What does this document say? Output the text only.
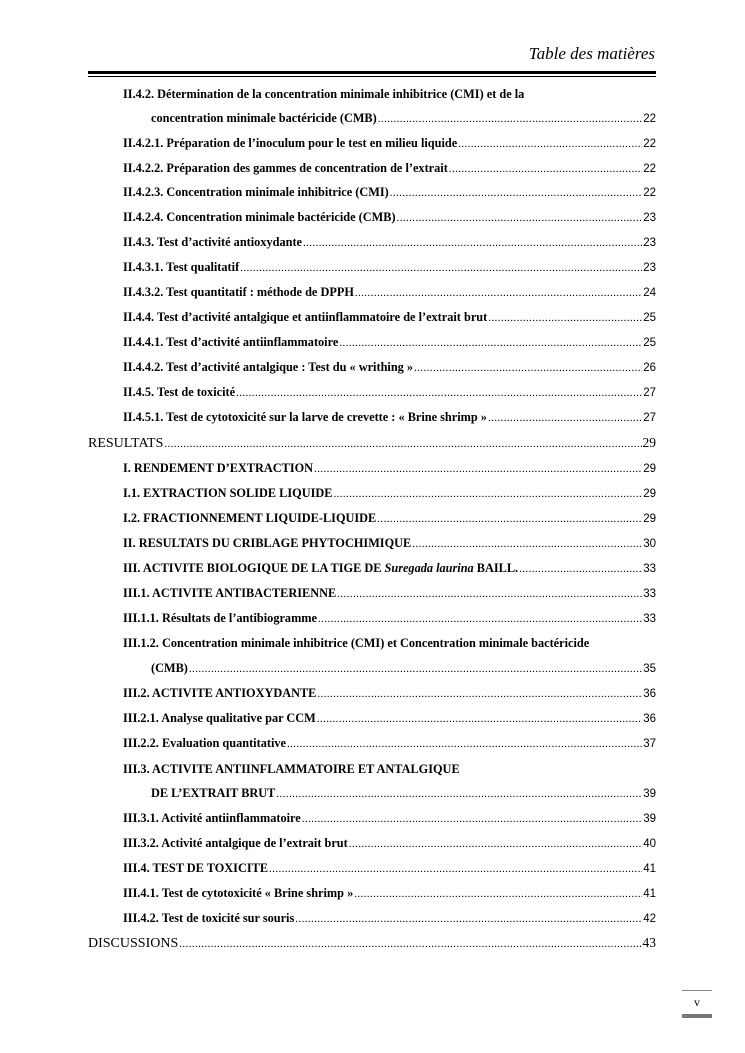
Table des matières
II.4.2. Détermination de la concentration minimale inhibitrice (CMI) et de la
concentration minimale bactéricide (CMB) .....	22
II.4.2.1. Préparation de l’inoculum pour le test en milieu liquide .....	22
II.4.2.2. Préparation des gammes de concentration de l’extrait .....	22
II.4.2.3. Concentration minimale inhibitrice (CMI) .....	22
II.4.2.4. Concentration minimale bactéricide (CMB) .....	23
II.4.3. Test d’activité antioxydante .....	23
II.4.3.1. Test qualitatif .....	23
II.4.3.2. Test quantitatif : méthode de DPPH .....	24
II.4.4. Test d’activité antalgique et antiinflammatoire de l’extrait brut .....	25
II.4.4.1. Test d’activité antiinflammatoire .....	25
II.4.4.2. Test d’activité antalgique : Test du « writhing » .....	26
II.4.5. Test de toxicité .....	27
II.4.5.1. Test de cytotoxicité sur la larve de crevette : « Brine shrimp » .....	27
RESULTATS .....	29
I. RENDEMENT D’EXTRACTION .....	29
I.1. EXTRACTION SOLIDE LIQUIDE .....	29
I.2. FRACTIONNEMENT LIQUIDE-LIQUIDE .....	29
II. RESULTATS DU CRIBLAGE PHYTOCHIMIQUE .....	30
III. ACTIVITE BIOLOGIQUE DE LA TIGE DE Suregada laurina BAILL. .....	33
III.1. ACTIVITE ANTIBACTERIENNE .....	33
III.1.1. Résultats de l’antibiogramme .....	33
III.1.2. Concentration minimale inhibitrice (CMI) et Concentration minimale bactéricide
(CMB) .....	35
III.2. ACTIVITE ANTIOXYDANTE .....	36
III.2.1. Analyse qualitative par CCM .....	36
III.2.2. Evaluation quantitative .....	37
III.3. ACTIVITE ANTIINFLAMMATOIRE ET ANTALGIQUE
DE L’EXTRAIT BRUT .....	39
III.3.1. Activité antiinflammatoire .....	39
III.3.2. Activité antalgique de l’extrait brut .....	40
III.4. TEST DE TOXICITE .....	41
III.4.1. Test de cytotoxicité « Brine shrimp » .....	41
III.4.2. Test de toxicité sur souris .....	42
DISCUSSIONS .....	43
v
